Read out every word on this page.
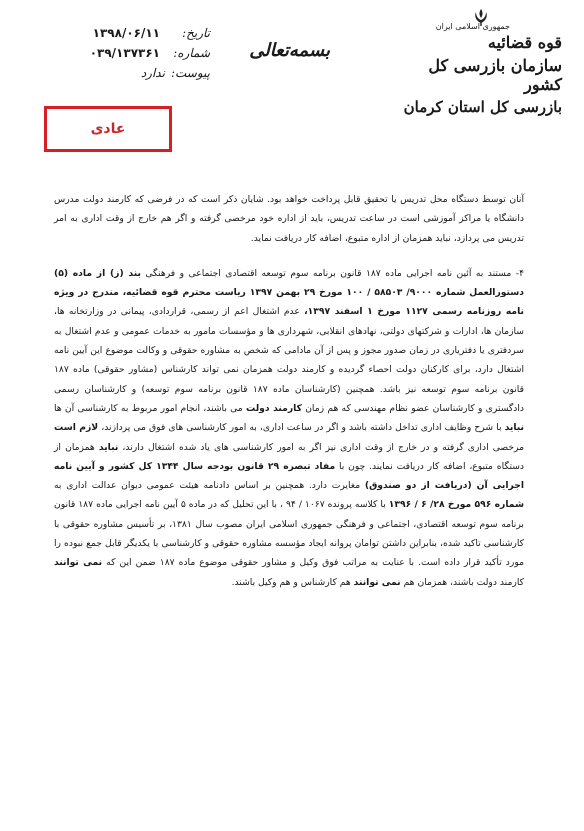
جمهوری اسلامی ایران
قوه قضائیه
سازمان بازرسی کل کشور
بازرسی کل استان کرمان
بسمه‌تعالی
تاریخ:
۱۳۹۸/۰۶/۱۱
شماره:
۰۳۹/۱۳۷۳۶۱
پیوست:
ندارد
عادی

آنان توسط دستگاه محل تدریس یا تحقیق قابل پرداخت خواهد بود. شایان ذکر است که در فرضی که کارمند دولت مدرس دانشگاه یا مراکز آموزشی است در ساعت تدریس، باید از اداره خود مرخصی گرفته و اگر هم خارج از وقت اداری به امر تدریس می پردازد، نباید همزمان از اداره متبوع، اضافه کار دریافت نماید.

۴- مستند به آئین نامه اجرایی ماده ۱۸۷ قانون برنامه سوم توسعه اقتصادی اجتماعی و فرهنگی بند (ز) از ماده (۵) دستورالعمل شماره ۹۰۰۰/ ۵۸۵۰۳ / ۱۰۰ مورخ ۲۹ بهمن ۱۳۹۷ ریاست محترم قوه قضائیه، مندرج در ویژه نامه روزنامه رسمی ۱۱۲۷ مورخ ۱ اسفند ۱۳۹۷، عدم اشتغال اعم از رسمی، قراردادی، پیمانی در وزارتخانه ها، سازمان ها، ادارات و شرکتهای دولتی، نهادهای انقلابی، شهرداری ها و مؤسسات مامور به خدمات عمومی و عدم اشتغال به سردفتری یا دفتریاری در زمان صدور مجوز و پس از آن مادامی که شخص به مشاوره حقوقی و وکالت موضوع این آیین نامه اشتغال دارد، برای کارکنان دولت احصاء گردیده و کارمند دولت همزمان نمی تواند کارشناس (مشاور حقوقی) ماده ۱۸۷ قانون برنامه سوم توسعه نیز باشد. همچنین (کارشناسان ماده ۱۸۷ قانون برنامه سوم توسعه) و کارشناسان رسمی دادگستری و کارشناسان عضو نظام مهندسی که هم زمان کارمند دولت می باشند، انجام امور مربوط به کارشناسی آن ها نباید با شرح وظایف اداری تداخل داشته باشد و اگر در ساعت اداری، به امور کارشناسی های فوق می پردازند، لازم است مرخصی اداری گرفته و در خارج از وقت اداری نیز اگر به امور کارشناسی های یاد شده اشتغال دارند، نباید همزمان از دستگاه متبوع، اضافه کار دریافت نمایند. چون با مفاد تبصره ۲۹ قانون بودجه سال ۱۳۴۴ کل کشور و آیین نامه اجرایی آن (دریافت از دو صندوق) مغایرت دارد. همچنین بر اساس دادنامه هیئت عمومی دیوان عدالت اداری به شماره ۵۹۶ مورخ ۲۸/ ۶ / ۱۳۹۶ با کلاسه پرونده ۱۰۶۷ / ۹۴ ، با این تحلیل که در ماده ۵ آیین نامه اجرایی ماده ۱۸۷ قانون برنامه سوم توسعه اقتصادی، اجتماعی و فرهنگی جمهوری اسلامی ایران مصوب سال ۱۳۸۱، بر تأسیس مشاوره حقوقی با کارشناسی تاکید شده، بنابراین داشتن توامان پروانه ایجاد مؤسسه مشاوره حقوقی و کارشناسی با یکدیگر قابل جمع نبوده را مورد تأکید قرار داده است. با عنایت به مراتب فوق وکیل و مشاور حقوقی موضوع ماده ۱۸۷ ضمن این که نمی توانند کارمند دولت باشند، همزمان هم نمی توانند هم کارشناس و هم وکیل باشند.
